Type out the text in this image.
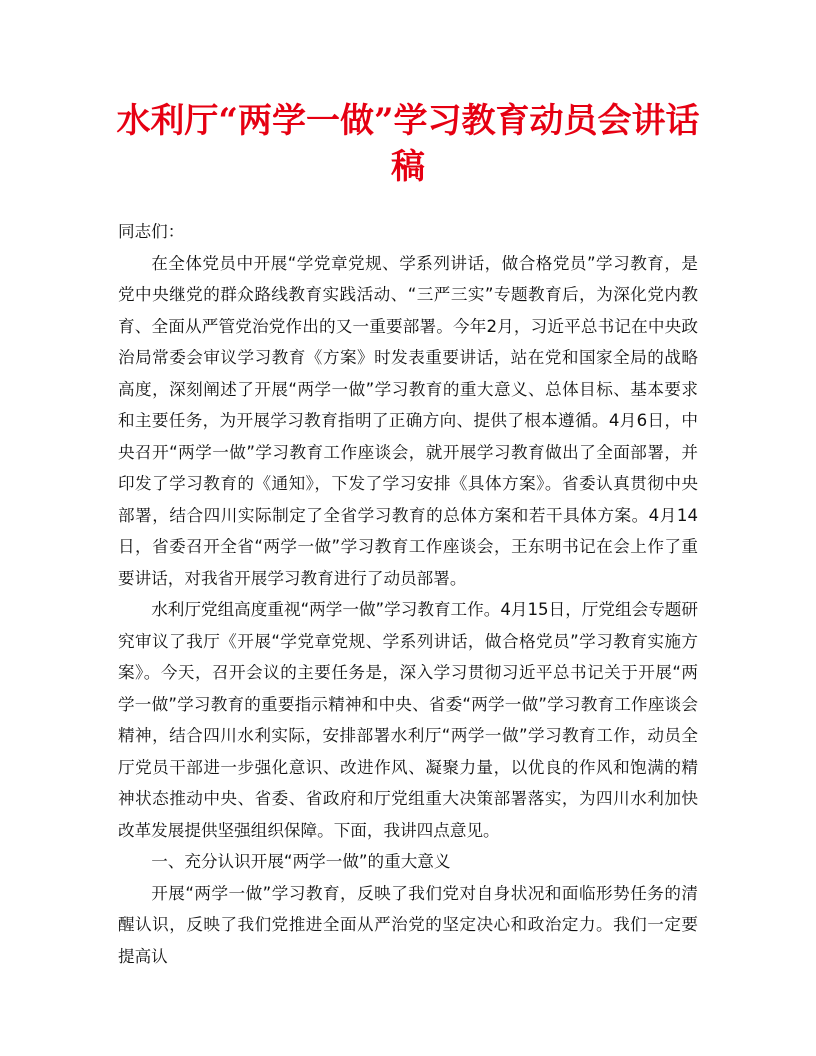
水利厅“两学一做”学习教育动员会讲话稿

同志们：

在全体党员中开展“学党章党规、学系列讲话，做合格党员”学习教育，是党中央继党的群众路线教育实践活动、“三严三实”专题教育后，为深化党内教育、全面从严管党治党作出的又一重要部署。今年2月，习近平总书记在中央政治局常委会审议学习教育《方案》时发表重要讲话，站在党和国家全局的战略高度，深刻阐述了开展“两学一做”学习教育的重大意义、总体目标、基本要求和主要任务，为开展学习教育指明了正确方向、提供了根本遵循。4月6日，中央召开“两学一做”学习教育工作座谈会，就开展学习教育做出了全面部署，并印发了学习教育的《通知》，下发了学习安排《具体方案》。省委认真贯彻中央部署，结合四川实际制定了全省学习教育的总体方案和若干具体方案。4月14日，省委召开全省“两学一做”学习教育工作座谈会，王东明书记在会上作了重要讲话，对我省开展学习教育进行了动员部署。

水利厅党组高度重视“两学一做”学习教育工作。4月15日，厅党组会专题研究审议了我厅《开展“学党章党规、学系列讲话，做合格党员”学习教育实施方案》。今天，召开会议的主要任务是，深入学习贯彻习近平总书记关于开展“两学一做”学习教育的重要指示精神和中央、省委“两学一做”学习教育工作座谈会精神，结合四川水利实际，安排部署水利厅“两学一做”学习教育工作，动员全厅党员干部进一步强化意识、改进作风、凝聚力量，以优良的作风和饱满的精神状态推动中央、省委、省政府和厅党组重大决策部署落实，为四川水利加快改革发展提供坚强组织保障。下面，我讲四点意见。

一、充分认识开展“两学一做”的重大意义

开展“两学一做”学习教育，反映了我们党对自身状况和面临形势任务的清醒认识，反映了我们党推进全面从严治党的坚定决心和政治定力。我们一定要提高认
